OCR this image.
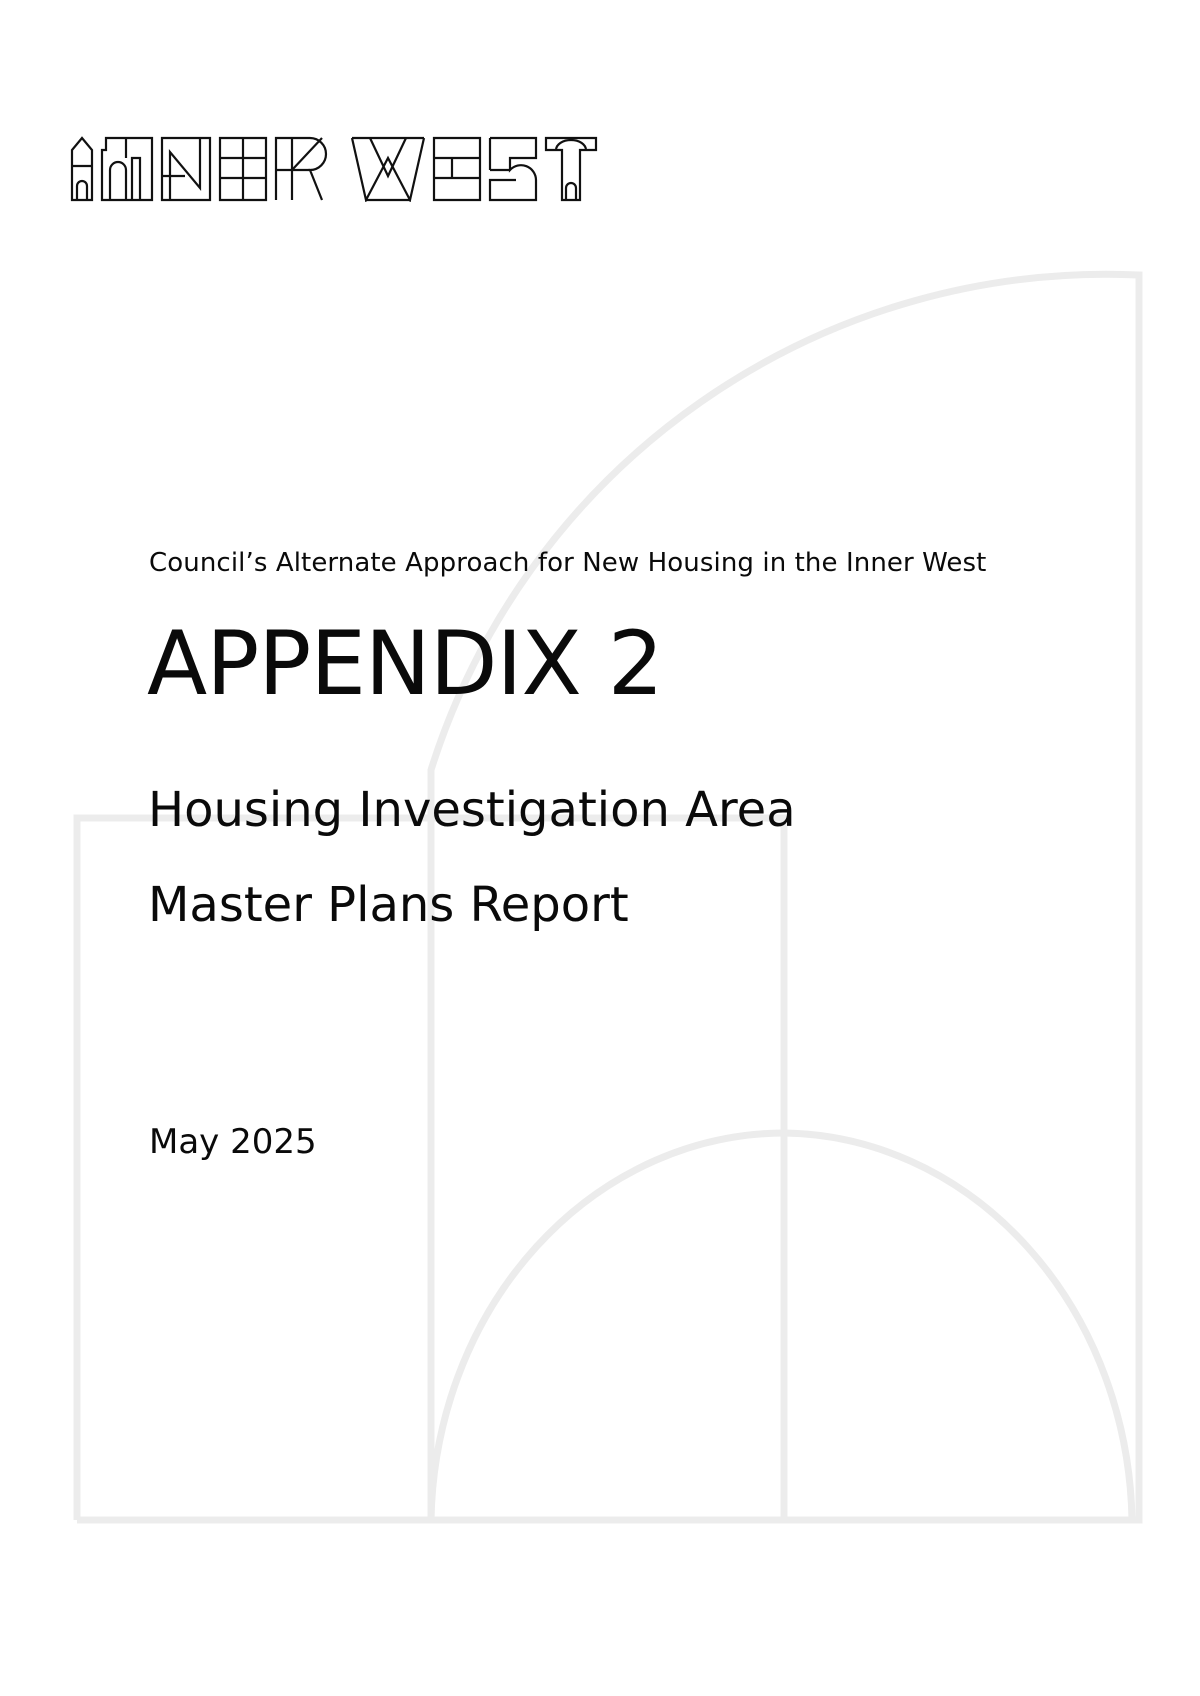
Council’s Alternate Approach for New Housing in the Inner West
APPENDIX 2
Housing Investigation Area
Master Plans Report
May 2025
